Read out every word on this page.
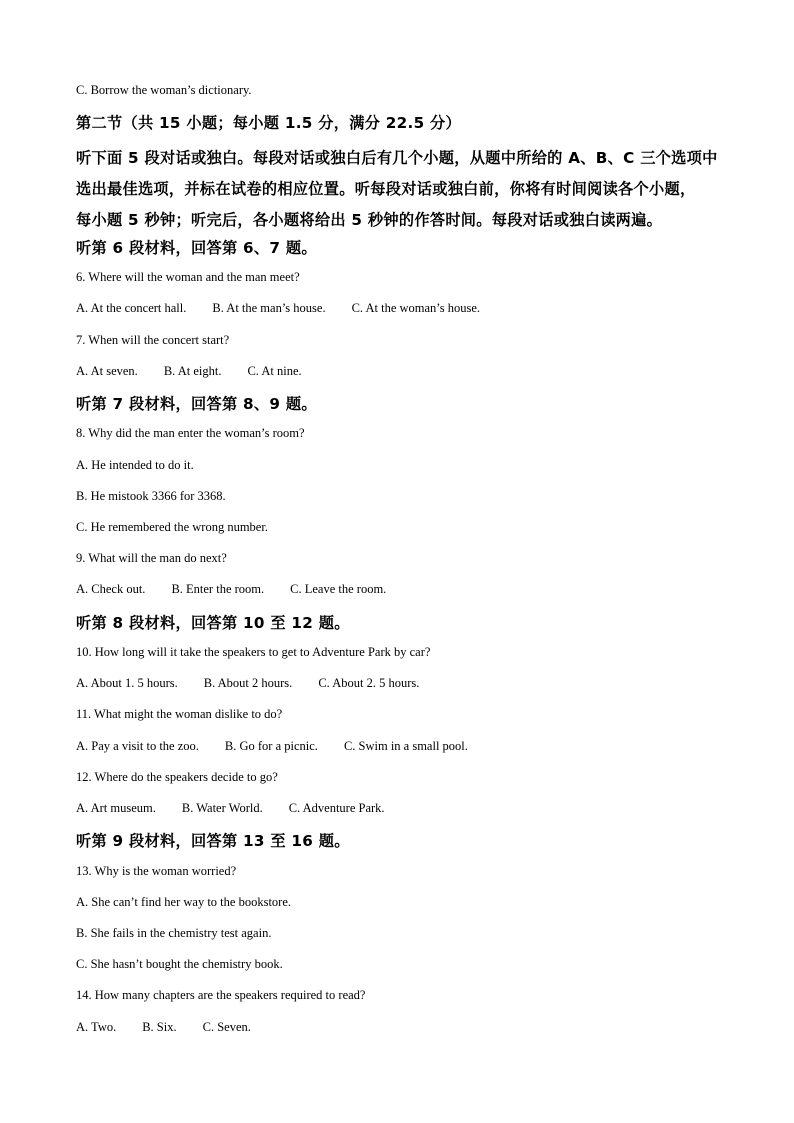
C. Borrow the woman’s dictionary.
第二节（共 15 小题；每小题 1.5 分，满分 22.5 分）
听下面 5 段对话或独白。每段对话或独白后有几个小题，从题中所给的 A、B、C 三个选项中
选出最佳选项，并标在试卷的相应位置。听每段对话或独白前，你将有时间阅读各个小题，
每小题 5 秒钟；听完后，各小题将给出 5 秒钟的作答时间。每段对话或独白读两遍。
听第 6 段材料，回答第 6、7 题。
6. Where will the woman and the man meet?
A. At the concert hall. B. At the man’s house. C. At the woman’s house.
7. When will the concert start?
A. At seven. B. At eight. C. At nine.
听第 7 段材料，回答第 8、9 题。
8. Why did the man enter the woman’s room?
A. He intended to do it.
B. He mistook 3366 for 3368.
C. He remembered the wrong number.
9. What will the man do next?
A. Check out. B. Enter the room. C. Leave the room.
听第 8 段材料，回答第 10 至 12 题。
10. How long will it take the speakers to get to Adventure Park by car?
A. About 1. 5 hours. B. About 2 hours. C. About 2. 5 hours.
11. What might the woman dislike to do?
A. Pay a visit to the zoo. B. Go for a picnic. C. Swim in a small pool.
12. Where do the speakers decide to go?
A. Art museum. B. Water World. C. Adventure Park.
听第 9 段材料，回答第 13 至 16 题。
13. Why is the woman worried?
A. She can’t find her way to the bookstore.
B. She fails in the chemistry test again.
C. She hasn’t bought the chemistry book.
14. How many chapters are the speakers required to read?
A. Two. B. Six. C. Seven.
